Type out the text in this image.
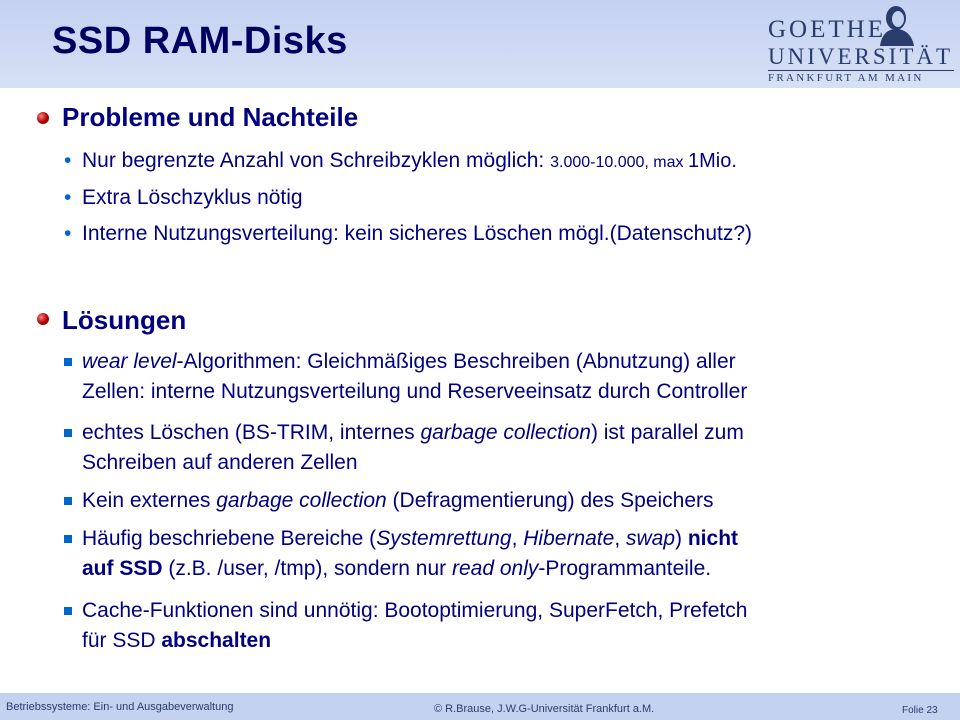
SSD RAM-Disks	GOETHE
UNIVERSITÄT
FRANKFURT AM MAIN
Probleme und Nachteile
• Nur begrenzte Anzahl von Schreibzyklen möglich: 3.000-10.000, max 1Mio.
• Extra Löschzyklus nötig
• Interne Nutzungsverteilung: kein sicheres Löschen mögl.(Datenschutz?)
Lösungen
wear level-Algorithmen: Gleichmäßiges Beschreiben (Abnutzung) aller
Zellen: interne Nutzungsverteilung und Reserveeinsatz durch Controller
echtes Löschen (BS-TRIM, internes garbage collection) ist parallel zum
Schreiben auf anderen Zellen
Kein externes garbage collection (Defragmentierung) des Speichers
Häufig beschriebene Bereiche (Systemrettung, Hibernate, swap) nicht
auf SSD (z.B. /user, /tmp), sondern nur read only-Programmanteile.
Cache-Funktionen sind unnötig: Bootoptimierung, SuperFetch, Prefetch
für SSD abschalten
Betriebssysteme: Ein- und Ausgabeverwaltung	© R.Brause, J.W.G-Universität Frankfurt a.M.	Folie 23
